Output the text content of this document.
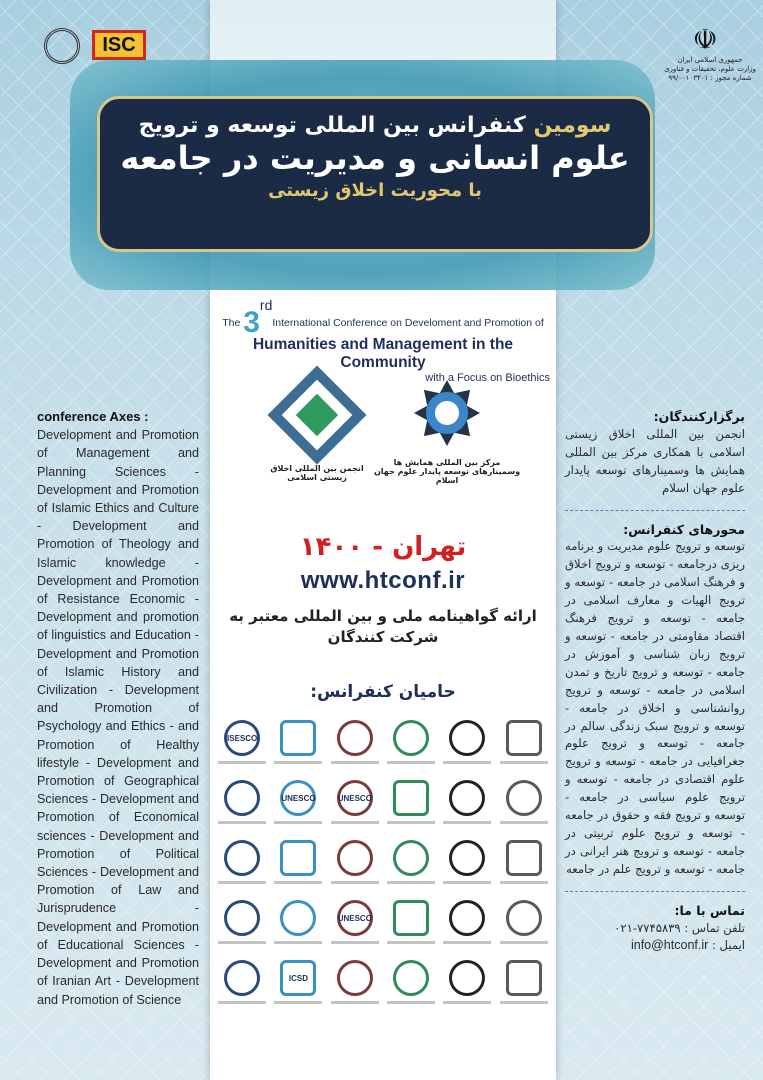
ISC
سومین کنفرانس بین المللی توسعه و ترویج
علوم انسانی و مدیریت در جامعه
با محوریت اخلاق زیستی
☫
جمهوری اسلامی ایران
وزارت علوم، تحقیقات و فناوری
شماره مجوز : ۹۹/۰۰۱۰۳۴۰۱
The 3rdInternational Conference on Develoment and Promotion of
Humanities and Management in the Community
with a Focus on Bioethics
انجمن بین المللی اخلاق زیستی اسلامی
مرکز بین المللی همایش ها وسمینارهای توسعه پایدار علوم جهان اسلام
تهران - ۱۴۰۰
www.htconf.ir
ارائه گواهینامه ملی و بین المللی معتبر به شرکت کنندگان
حامیان کنفرانس:
ISESCO
UNESCO	UNESCO
UNESCO
ICSD
conference Axes :

Development and Promotion of Management and Planning Sciences - Development and Promotion of Islamic Ethics and Culture - Development and Promotion of Theology and Islamic knowledge - Development and Promotion of Resistance Economic - Development and promotion of linguistics and Education - Development and Promotion of Islamic History and Civilization - Development and Promotion of Psychology and Ethics - and Promotion of Healthy lifestyle - Development and Promotion of Geographical Sciences - Development and Promotion of Economical sciences - Development and Promotion of Political Sciences - Development and Promotion of Law and Jurisprudence - Development and Promotion of Educational Sciences - Development and Promotion of Iranian Art - Development and Promotion of Science

برگزارکنندگان:

انجمن بین المللی اخلاق زیستی اسلامی با همکاری مرکز بین المللی همایش ها وسمینارهای توسعه پایدار علوم جهان اسلام

محورهای کنفرانس:

توسعه و ترویج علوم مدیریت و برنامه ریزی درجامعه - توسعه و ترویج اخلاق و فرهنگ اسلامی در جامعه - توسعه و ترویج الهیات و معارف اسلامی در جامعه - توسعه و ترویج فرهنگ اقتصاد مقاومتی در جامعه - توسعه و ترویج زبان شناسی و آموزش در جامعه - توسعه و ترویج تاریخ و تمدن اسلامی در جامعه - توسعه و ترویج روانشناسی و اخلاق در جامعه - توسعه و ترویج سبک زندگی سالم در جامعه - توسعه و ترویج علوم جغرافیایی در جامعه - توسعه و ترویج علوم اقتصادی در جامعه - توسعه و ترویج علوم سیاسی در جامعه - توسعه و ترویج فقه و حقوق در جامعه - توسعه و ترویج علوم تربیتی در جامعه - توسعه و ترویج هنر ایرانی در جامعه - توسعه و ترویج علم در جامعه

تماس با ما:
تلفن تماس : ۰۲۱-۷۷۴۵۸۳۹
ایمیل : info@htconf.ir
